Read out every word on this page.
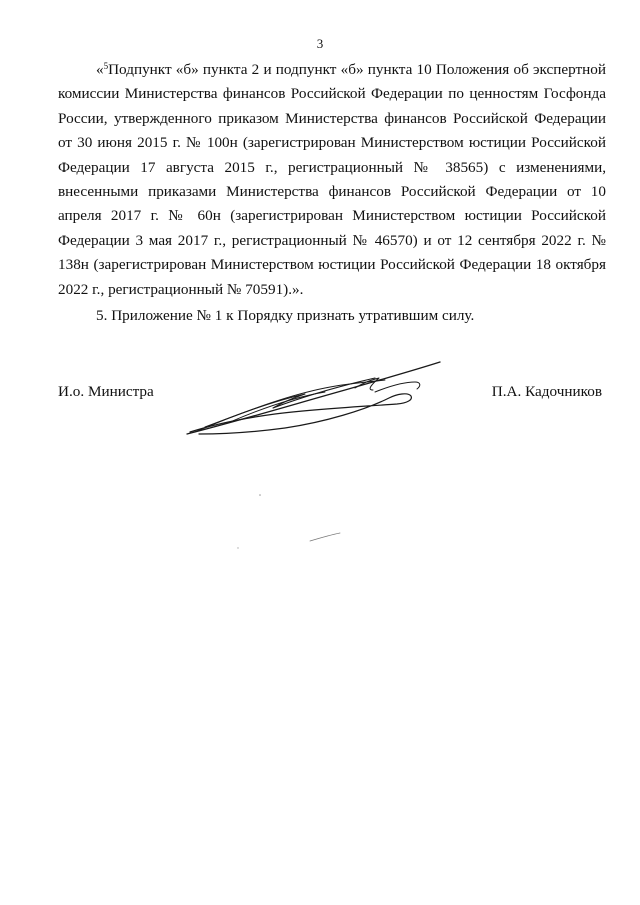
3

«$^5$Подпункт «б» пункта 2 и подпункт «б» пункта 10 Положения об экспертной комиссии Министерства финансов Российской Федерации по ценностям Госфонда России, утвержденного приказом Министерства финансов Российской Федерации от 30 июня 2015 г. № 100н (зарегистрирован Министерством юстиции Российской Федерации 17 августа 2015 г., регистрационный № 38565) с изменениями, внесенными приказами Министерства финансов Российской Федерации от 10 апреля 2017 г. № 60н (зарегистрирован Министерством юстиции Российской Федерации 3 мая 2017 г., регистрационный № 46570) и от 12 сентября 2022 г. № 138н (зарегистрирован Министерством юстиции Российской Федерации 18 октября 2022 г., регистрационный № 70591).».

5. Приложение № 1 к Порядку признать утратившим силу.

И.о. Министра	П.А. Кадочников
